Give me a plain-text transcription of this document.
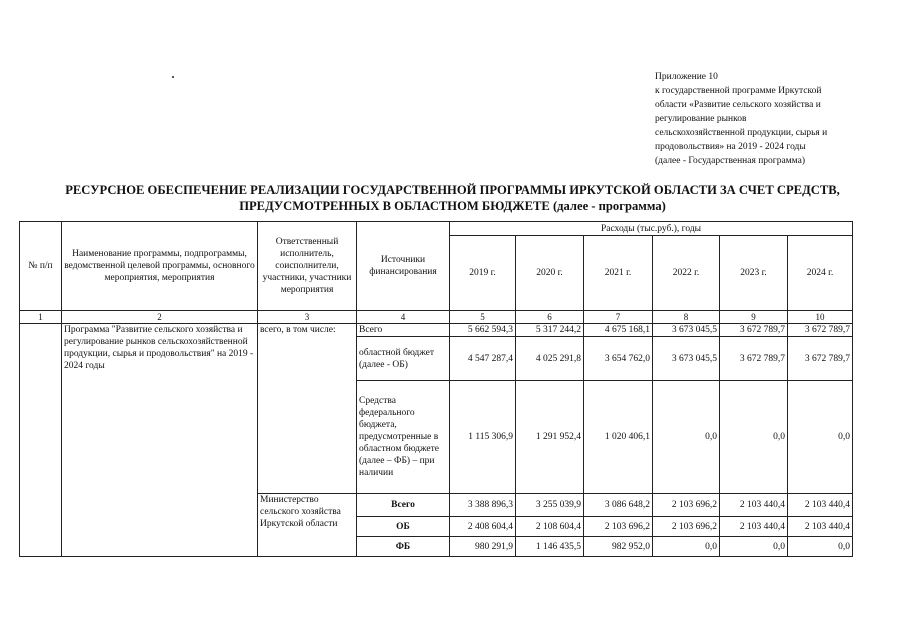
Приложение 10
к государственной программе Иркутской
области «Развитие сельского хозяйства и
регулирование рынков
сельскохозяйственной продукции, сырья и
продовольствия» на 2019 - 2024 годы
(далее - Государственная программа)
РЕСУРСНОЕ ОБЕСПЕЧЕНИЕ РЕАЛИЗАЦИИ ГОСУДАРСТВЕННОЙ ПРОГРАММЫ ИРКУТСКОЙ ОБЛАСТИ ЗА СЧЕТ СРЕДСТВ,
ПРЕДУСМОТРЕННЫХ В ОБЛАСТНОМ БЮДЖЕТЕ (далее - программа)
№ п/п	Наименование программы, подпрограммы, ведомственной целевой программы, основного мероприятия, мероприятия	Ответственный исполнитель, соисполнители, участники, участники мероприятия	Источники финансирования	Расходы (тыс.руб.), годы					
				2019 г.	2020 г.	2021 г.	2022 г.	2023 г.	2024 г.
1	2	3	4	5	6	7	8	9	10
	Программа "Развитие сельского хозяйства и регулирование рынков сельскохозяйственной продукции, сырья и продовольствия" на 2019 - 2024 годы	всего, в том числе:	Всего	5 662 594,3	5 317 244,2	4 675 168,1	3 673 045,5	3 672 789,7	3 672 789,7
			областной бюджет (далее - ОБ)	4 547 287,4	4 025 291,8	3 654 762,0	3 673 045,5	3 672 789,7	3 672 789,7
			Средства федерального бюджета, предусмотренные в областном бюджете (далее – ФБ) – при наличии	1 115 306,9	1 291 952,4	1 020 406,1	0,0	0,0	0,0
		Министерство сельского хозяйства Иркутской области	Всего	3 388 896,3	3 255 039,9	3 086 648,2	2 103 696,2	2 103 440,4	2 103 440,4
			ОБ	2 408 604,4	2 108 604,4	2 103 696,2	2 103 696,2	2 103 440,4	2 103 440,4
			ФБ	980 291,9	1 146 435,5	982 952,0	0,0	0,0	0,0
